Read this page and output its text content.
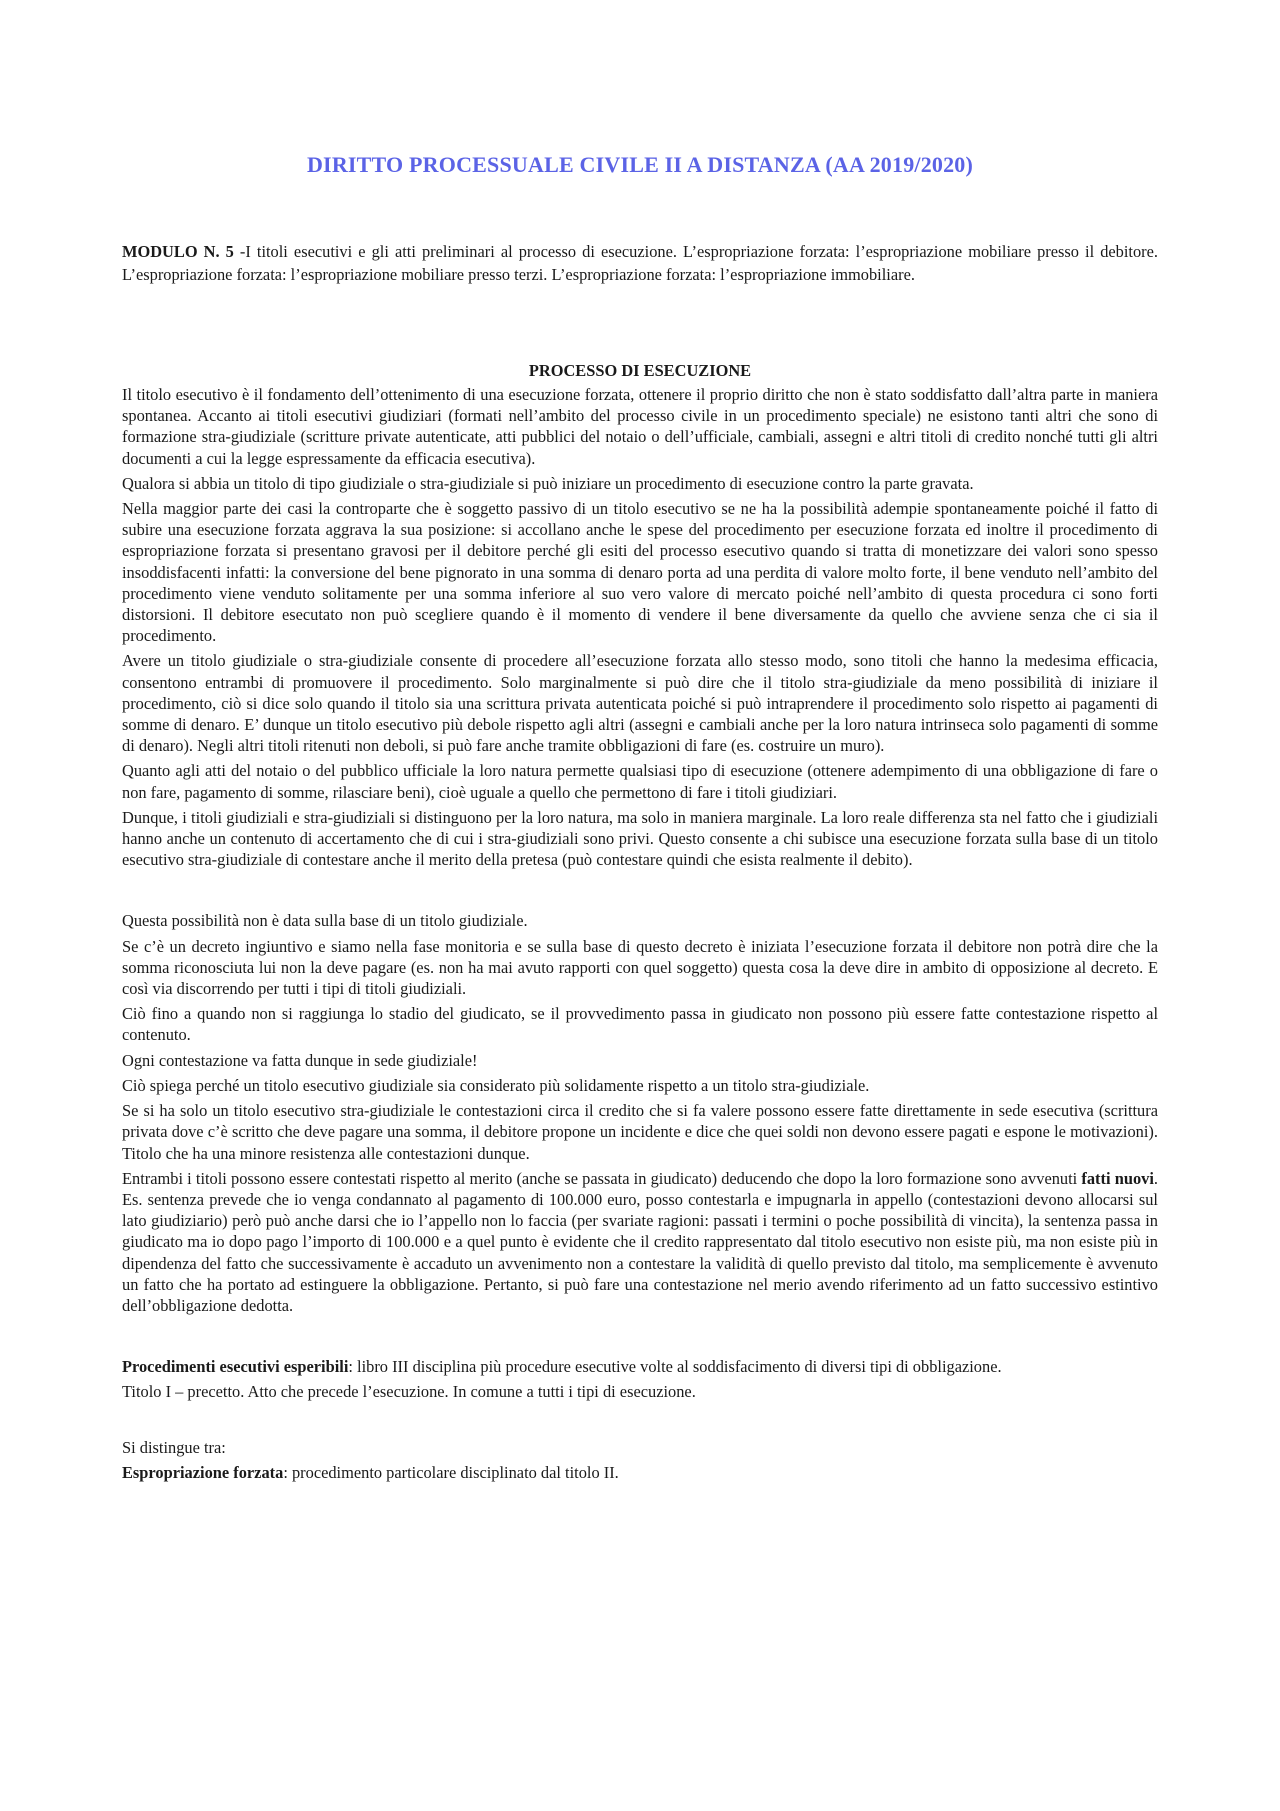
DIRITTO PROCESSUALE CIVILE II A DISTANZA (AA 2019/2020)

MODULO N. 5 -I titoli esecutivi e gli atti preliminari al processo di esecuzione. L’espropriazione forzata: l’espropriazione mobiliare presso il debitore. L’espropriazione forzata: l’espropriazione mobiliare presso terzi. L’espropriazione forzata: l’espropriazione immobiliare.

PROCESSO DI ESECUZIONE

Il titolo esecutivo è il fondamento dell’ottenimento di una esecuzione forzata, ottenere il proprio diritto che non è stato soddisfatto dall’altra parte in maniera spontanea. Accanto ai titoli esecutivi giudiziari (formati nell’ambito del processo civile in un procedimento speciale) ne esistono tanti altri che sono di formazione stra-giudiziale (scritture private autenticate, atti pubblici del notaio o dell’ufficiale, cambiali, assegni e altri titoli di credito nonché tutti gli altri documenti a cui la legge espressamente da efficacia esecutiva).

Qualora si abbia un titolo di tipo giudiziale o stra-giudiziale si può iniziare un procedimento di esecuzione contro la parte gravata.

Nella maggior parte dei casi la controparte che è soggetto passivo di un titolo esecutivo se ne ha la possibilità adempie spontaneamente poiché il fatto di subire una esecuzione forzata aggrava la sua posizione: si accollano anche le spese del procedimento per esecuzione forzata ed inoltre il procedimento di espropriazione forzata si presentano gravosi per il debitore perché gli esiti del processo esecutivo quando si tratta di monetizzare dei valori sono spesso insoddisfacenti infatti: la conversione del bene pignorato in una somma di denaro porta ad una perdita di valore molto forte, il bene venduto nell’ambito del procedimento viene venduto solitamente per una somma inferiore al suo vero valore di mercato poiché nell’ambito di questa procedura ci sono forti distorsioni. Il debitore esecutato non può scegliere quando è il momento di vendere il bene diversamente da quello che avviene senza che ci sia il procedimento.

Avere un titolo giudiziale o stra-giudiziale consente di procedere all’esecuzione forzata allo stesso modo, sono titoli che hanno la medesima efficacia, consentono entrambi di promuovere il procedimento. Solo marginalmente si può dire che il titolo stra-giudiziale da meno possibilità di iniziare il procedimento, ciò si dice solo quando il titolo sia una scrittura privata autenticata poiché si può intraprendere il procedimento solo rispetto ai pagamenti di somme di denaro. E’ dunque un titolo esecutivo più debole rispetto agli altri (assegni e cambiali anche per la loro natura intrinseca solo pagamenti di somme di denaro). Negli altri titoli ritenuti non deboli, si può fare anche tramite obbligazioni di fare (es. costruire un muro).

Quanto agli atti del notaio o del pubblico ufficiale la loro natura permette qualsiasi tipo di esecuzione (ottenere adempimento di una obbligazione di fare o non fare, pagamento di somme, rilasciare beni), cioè uguale a quello che permettono di fare i titoli giudiziari.

Dunque, i titoli giudiziali e stra-giudiziali si distinguono per la loro natura, ma solo in maniera marginale. La loro reale differenza sta nel fatto che i giudiziali hanno anche un contenuto di accertamento che di cui i stra-giudiziali sono privi. Questo consente a chi subisce una esecuzione forzata sulla base di un titolo esecutivo stra-giudiziale di contestare anche il merito della pretesa (può contestare quindi che esista realmente il debito).

Questa possibilità non è data sulla base di un titolo giudiziale.

Se c’è un decreto ingiuntivo e siamo nella fase monitoria e se sulla base di questo decreto è iniziata l’esecuzione forzata il debitore non potrà dire che la somma riconosciuta lui non la deve pagare (es. non ha mai avuto rapporti con quel soggetto) questa cosa la deve dire in ambito di opposizione al decreto. E così via discorrendo per tutti i tipi di titoli giudiziali.

Ciò fino a quando non si raggiunga lo stadio del giudicato, se il provvedimento passa in giudicato non possono più essere fatte contestazione rispetto al contenuto.

Ogni contestazione va fatta dunque in sede giudiziale!

Ciò spiega perché un titolo esecutivo giudiziale sia considerato più solidamente rispetto a un titolo stra-giudiziale.

Se si ha solo un titolo esecutivo stra-giudiziale le contestazioni circa il credito che si fa valere possono essere fatte direttamente in sede esecutiva (scrittura privata dove c’è scritto che deve pagare una somma, il debitore propone un incidente e dice che quei soldi non devono essere pagati e espone le motivazioni). Titolo che ha una minore resistenza alle contestazioni dunque.

Entrambi i titoli possono essere contestati rispetto al merito (anche se passata in giudicato) deducendo che dopo la loro formazione sono avvenuti fatti nuovi. Es. sentenza prevede che io venga condannato al pagamento di 100.000 euro, posso contestarla e impugnarla in appello (contestazioni devono allocarsi sul lato giudiziario) però può anche darsi che io l’appello non lo faccia (per svariate ragioni: passati i termini o poche possibilità di vincita), la sentenza passa in giudicato ma io dopo pago l’importo di 100.000 e a quel punto è evidente che il credito rappresentato dal titolo esecutivo non esiste più, ma non esiste più in dipendenza del fatto che successivamente è accaduto un avvenimento non a contestare la validità di quello previsto dal titolo, ma semplicemente è avvenuto un fatto che ha portato ad estinguere la obbligazione. Pertanto, si può fare una contestazione nel merio avendo riferimento ad un fatto successivo estintivo dell’obbligazione dedotta.

Procedimenti esecutivi esperibili: libro III disciplina più procedure esecutive volte al soddisfacimento di diversi tipi di obbligazione.

Titolo I – precetto. Atto che precede l’esecuzione. In comune a tutti i tipi di esecuzione.

Si distingue tra:

Espropriazione forzata: procedimento particolare disciplinato dal titolo II.
